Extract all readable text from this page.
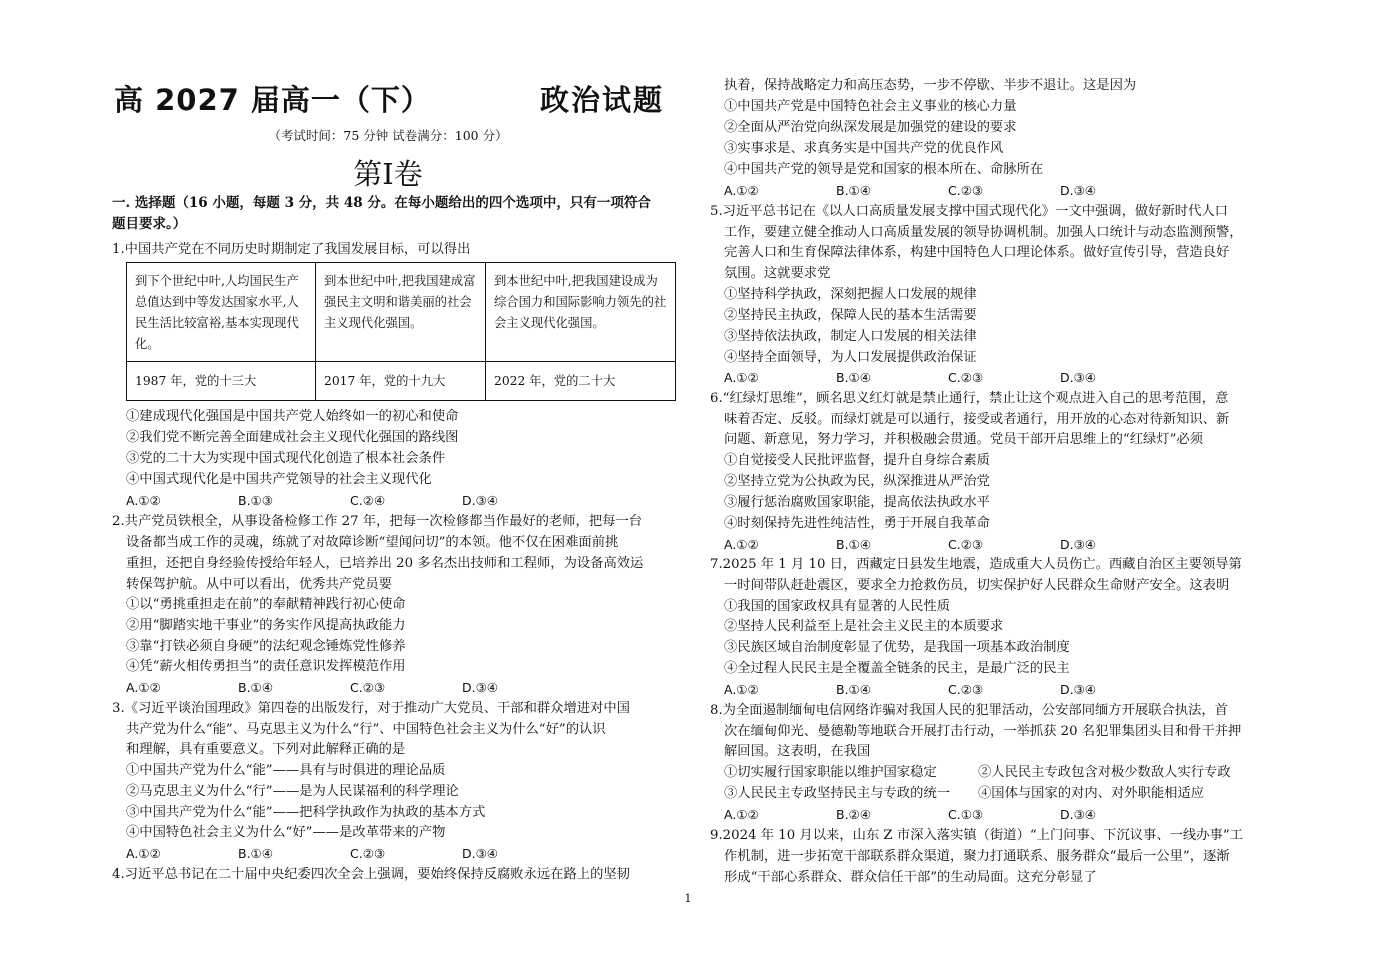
高 2027 届高一（下）	政治试题
（考试时间：75 分钟 试卷满分：100 分）
第Ⅰ卷
一. 选择题（16 小题，每题 3 分，共 48 分。在每小题给出的四个选项中，只有一项符合
题目要求。）
1.中国共产党在不同历史时期制定了我国发展目标，可以得出
到下个世纪中叶,人均国民生产总值达到中等发达国家水平,人民生活比较富裕,基本实现现代化。	到本世纪中叶,把我国建成富强民主文明和谐美丽的社会主义现代化强国。	到本世纪中叶,把我国建设成为综合国力和国际影响力领先的社会主义现代化强国。
1987 年，党的十三大	2017 年，党的十九大	2022 年，党的二十大
①建成现代化强国是中国共产党人始终如一的初心和使命
②我们党不断完善全面建成社会主义现代化强国的路线图
③党的二十大为实现中国式现代化创造了根本社会条件
④中国式现代化是中国共产党领导的社会主义现代化
A.①②	B.①③	C.②④	D.③④
2.共产党员铁根全，从事设备检修工作 27 年，把每一次检修都当作最好的老师，把每一台
设备都当成工作的灵魂，练就了对故障诊断“望闻问切”的本领。他不仅在困难面前挑
重担，还把自身经验传授给年轻人，已培养出 20 多名杰出技师和工程师，为设备高效运
转保驾护航。从中可以看出，优秀共产党员要
①以“勇挑重担走在前”的奉献精神践行初心使命
②用“脚踏实地干事业”的务实作风提高执政能力
③靠“打铁必须自身硬”的法纪观念锤炼党性修养
④凭“薪火相传勇担当”的责任意识发挥模范作用
A.①②	B.①④	C.②③	D.③④
3.《习近平谈治国理政》第四卷的出版发行，对于推动广大党员、干部和群众增进对中国
共产党为什么“能”、马克思主义为什么“行”、中国特色社会主义为什么“好”的认识
和理解，具有重要意义。下列对此解释正确的是
①中国共产党为什么“能”——具有与时俱进的理论品质
②马克思主义为什么“行”——是为人民谋福利的科学理论
③中国共产党为什么“能”——把科学执政作为执政的基本方式
④中国特色社会主义为什么“好”——是改革带来的产物
A.①②	B.①④	C.②③	D.③④
4.习近平总书记在二十届中央纪委四次全会上强调，要始终保持反腐败永远在路上的坚韧
执着，保持战略定力和高压态势，一步不停歇、半步不退让。这是因为
①中国共产党是中国特色社会主义事业的核心力量
②全面从严治党向纵深发展是加强党的建设的要求
③实事求是、求真务实是中国共产党的优良作风
④中国共产党的领导是党和国家的根本所在、命脉所在
A.①②	B.①④	C.②③	D.③④
5.习近平总书记在《以人口高质量发展支撑中国式现代化》一文中强调，做好新时代人口
工作，要建立健全推动人口高质量发展的领导协调机制。加强人口统计与动态监测预警，
完善人口和生育保障法律体系，构建中国特色人口理论体系。做好宣传引导，营造良好
氛围。这就要求党
①坚持科学执政，深刻把握人口发展的规律
②坚持民主执政，保障人民的基本生活需要
③坚持依法执政，制定人口发展的相关法律
④坚持全面领导，为人口发展提供政治保证
A.①②	B.①④	C.②③	D.③④
6.“红绿灯思维”，顾名思义红灯就是禁止通行，禁止让这个观点进入自己的思考范围，意
味着否定、反驳。而绿灯就是可以通行，接受或者通行，用开放的心态对待新知识、新
问题、新意见，努力学习，并积极融会贯通。党员干部开启思维上的“红绿灯”必须
①自觉接受人民批评监督，提升自身综合素质
②坚持立党为公执政为民，纵深推进从严治党
③履行惩治腐败国家职能，提高依法执政水平
④时刻保持先进性纯洁性，勇于开展自我革命
A.①②	B.①④	C.②③	D.③④
7.2025 年 1 月 10 日，西藏定日县发生地震，造成重大人员伤亡。西藏自治区主要领导第
一时间带队赶赴震区，要求全力抢救伤员，切实保护好人民群众生命财产安全。这表明
①我国的国家政权具有显著的人民性质
②坚持人民利益至上是社会主义民主的本质要求
③民族区域自治制度彰显了优势，是我国一项基本政治制度
④全过程人民民主是全覆盖全链条的民主，是最广泛的民主
A.①②	B.①④	C.②③	D.③④
8.为全面遏制缅甸电信网络诈骗对我国人民的犯罪活动，公安部同缅方开展联合执法，首
次在缅甸仰光、曼德勒等地联合开展打击行动，一举抓获 20 名犯罪集团头目和骨干并押
解回国。这表明，在我国
①切实履行国家职能以维护国家稳定	②人民民主专政包含对极少数敌人实行专政
③人民民主专政坚持民主与专政的统一 ④国体与国家的对内、对外职能相适应
A.①②	B.②④	C.①③	D.③④
9.2024 年 10 月以来，山东 Z 市深入落实镇（街道）“上门问事、下沉议事、一线办事”工
作机制，进一步拓宽干部联系群众渠道，聚力打通联系、服务群众“最后一公里”，逐渐
形成“干部心系群众、群众信任干部”的生动局面。这充分彰显了
1
